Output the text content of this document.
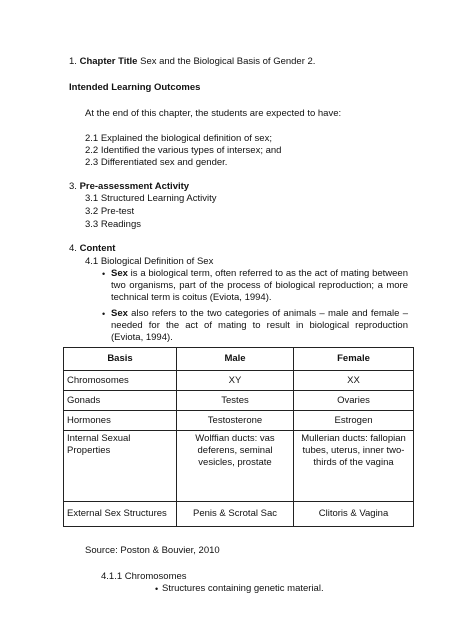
1. Chapter Title Sex and the Biological Basis of Gender 2.
Intended Learning Outcomes
At the end of this chapter, the students are expected to have:
2.1 Explained the biological definition of sex;
2.2 Identified the various types of intersex; and
2.3 Differentiated sex and gender.
3. Pre-assessment Activity
3.1 Structured Learning Activity
3.2 Pre-test
3.3 Readings
4. Content
4.1 Biological Definition of Sex
• Sex is a biological term, often referred to as the act of mating between two organisms, part of the process of biological reproduction; a more technical term is coitus (Eviota, 1994).
• Sex also refers to the two categories of animals – male and female – needed for the act of mating to result in biological reproduction (Eviota, 1994).
Basis	Male	Female
Chromosomes	XY	XX
Gonads	Testes	Ovaries
Hormones	Testosterone	Estrogen
Internal Sexual Properties	Wolffian ducts: vas deferens, seminal vesicles, prostate	Mullerian ducts: fallopian tubes, uterus, inner two-thirds of the vagina
External Sex Structures	Penis & Scrotal Sac	Clitoris & Vagina
Source: Poston & Bouvier, 2010
4.1.1 Chromosomes
• Structures containing genetic material.
